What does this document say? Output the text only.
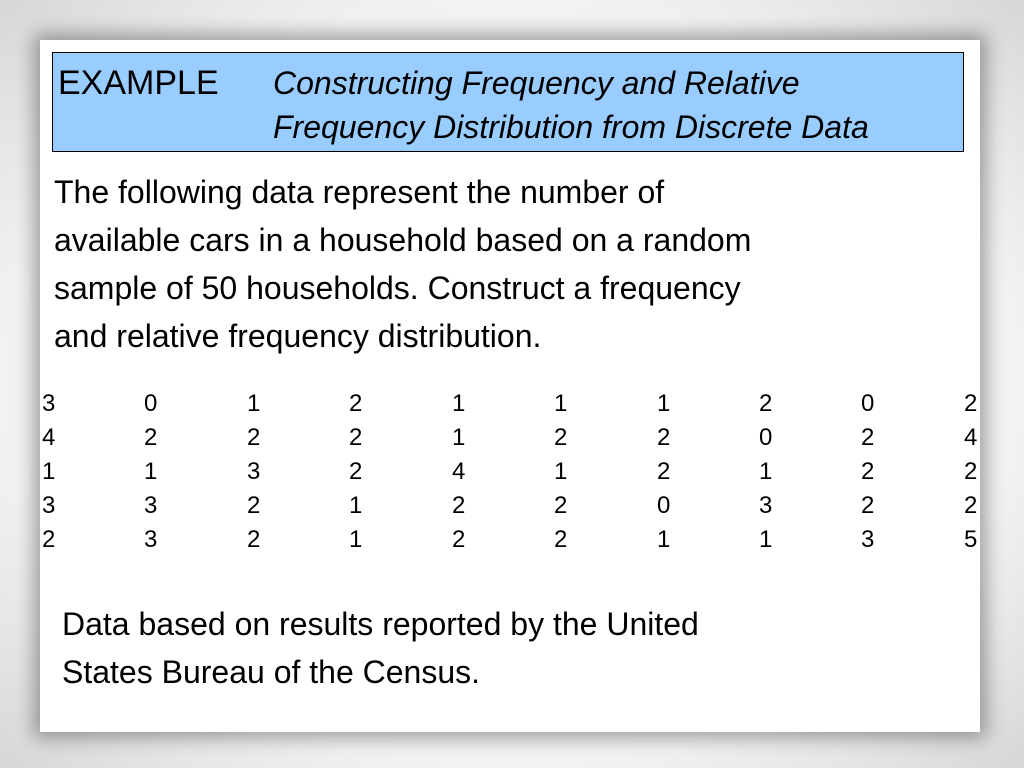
EXAMPLE Constructing Frequency and Relative
Frequency Distribution from Discrete Data
The following data represent the number of
available cars in a household based on a random
sample of 50 households. Construct a frequency
and relative frequency distribution.
3	0	1	2	1	1	1	2	0	2
4	2	2	2	1	2	2	0	2	4
1	1	3	2	4	1	2	1	2	2
3	3	2	1	2	2	0	3	2	2
2	3	2	1	2	2	1	1	3	5
Data based on results reported by the United
States Bureau of the Census.
